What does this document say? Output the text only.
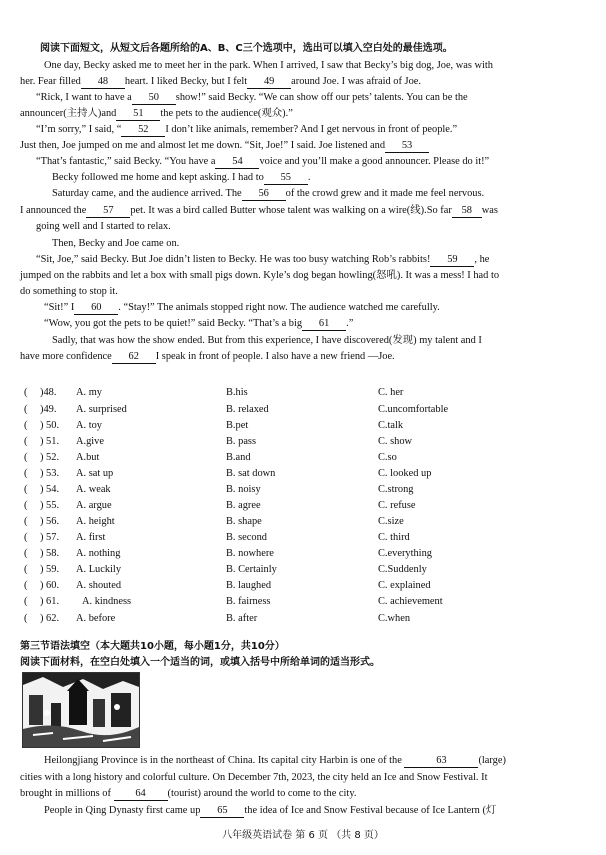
阅读下面短文，从短文后各题所给的A、B、C三个选项中，选出可以填入空白处的最佳选项。
One day, Becky asked me to meet her in the park. When I arrived, I saw that Becky’s big dog, Joe, was with
her. Fear filled 48 heart. I liked Becky, but I felt 49 around Joe. I was afraid of Joe.
“Rick, I want to have a 50 show!” said Becky. “We can show off our pets’ talents. You can be the
announcer(主持人)and 51 the pets to the audience(观众).”
“I’m sorry,” I said, “ 52 I don’t like animals, remember? And I get nervous in front of people.”
Just then, Joe jumped on me and almost let me down. “Sit, Joe!” I said. Joe listened and 53
“That’s fantastic,” said Becky. “You have a 54 voice and you’ll make a good announcer. Please do it!”
Becky followed me home and kept asking. I had to 55 .
Saturday came, and the audience arrived. The 56 of the crowd grew and it made me feel nervous.
I announced the 57 pet. It was a bird called Butter whose talent was walking on a wire(线).So far 58 was
going well and I started to relax.
Then, Becky and Joe came on.
“Sit, Joe,” said Becky. But Joe didn’t listen to Becky. He was too busy watching Rob’s rabbits! 59 , he
jumped on the rabbits and let a box with small pigs down. Kyle’s dog began howling(怒吼). It was a mess! I had to
do something to stop it.
“Sit!” I 60 . “Stay!” The animals stopped right now. The audience watched me carefully.
“Wow, you got the pets to be quiet!” said Becky. “That’s a big 61 .”
Sadly, that was how the show ended. But from this experience, I have discovered(发现) my talent and I
have more confidence 62 I speak in front of people. I also have a new friend —Joe.
( )48. A. my	B.his	C. her
( )49. A. surprised	B. relaxed	C.uncomfortable
( ) 50. A. toy	B.pet	C.talk
( ) 51. A.give	B. pass	C. show
( ) 52. A.but	B.and	C.so
( ) 53. A. sat up	B. sat down	C. looked up
( ) 54. A. weak	B. noisy	C.strong
( ) 55. A. argue	B. agree	C. refuse
( ) 56. A. height	B. shape	C.size
( ) 57. A. first	B. second	C. third
( ) 58. A. nothing	B. nowhere	C.everything
( ) 59. A. Luckily	B. Certainly	C.Suddenly
( ) 60. A. shouted	B. laughed	C. explained
( ) 61. A. kindness	B. fairness	C. achievement
( ) 62. A. before	B. after	C.when
第三节语法填空（本大题共10小题，每小题1分，共10分）
阅读下面材料，在空白处填入一个适当的词，或填入括号中所给单词的适当形式。
Heilongjiang Province is in the northeast of China. Its capital city Harbin is one of the	63	(large)
cities with a long history and colorful culture. On December 7th, 2023, the city held an Ice and Snow Festival. It
brought in millions of 64 (tourist) around the world to come to the city.
People in Qing Dynasty first came up 65 the idea of Ice and Snow Festival because of Ice Lantern (灯
八年级英语试卷 第 6 页 （共 8 页）
